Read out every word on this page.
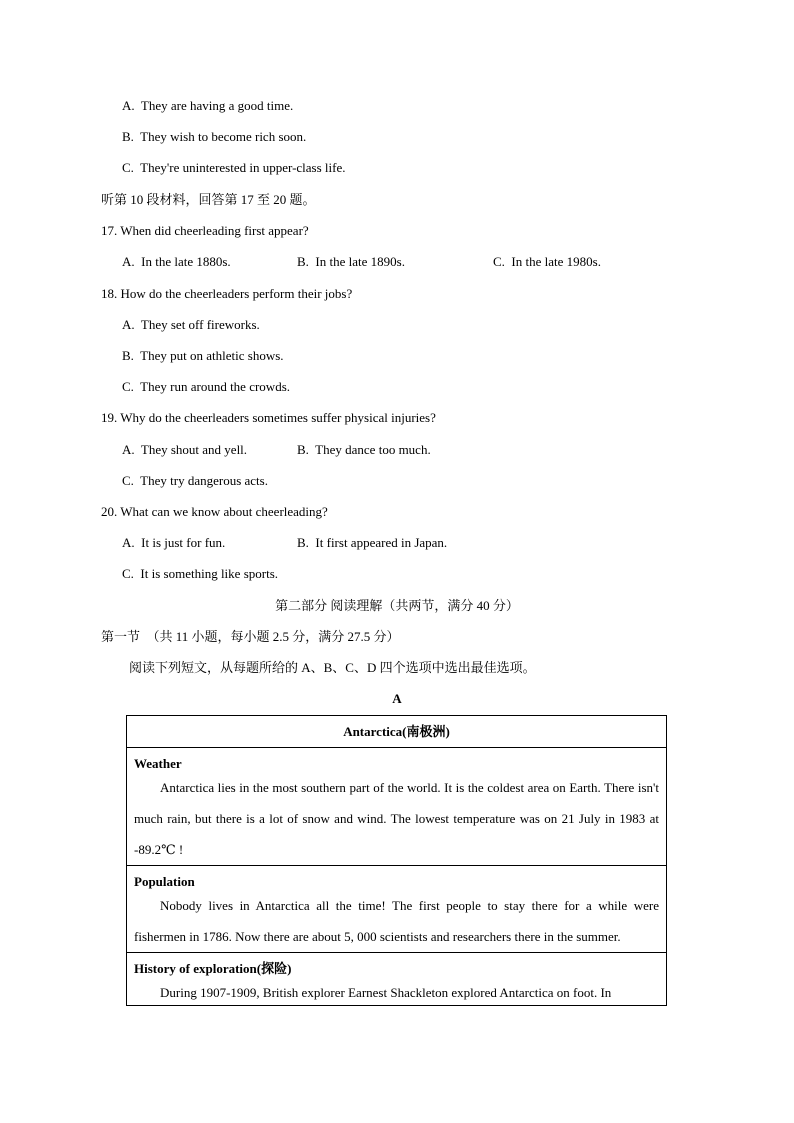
A.  They are having a good time.
B.  They wish to become rich soon.
C.  They're uninterested in upper-class life.
听第 10 段材料，回答第 17 至 20 题。
17. When did cheerleading first appear?
A.  In the late 1880s.	B.  In the late 1890s.	C.  In the late 1980s.
18. How do the cheerleaders perform their jobs?
A.  They set off fireworks.
B.  They put on athletic shows.
C.  They run around the crowds.
19. Why do the cheerleaders sometimes suffer physical injuries?
A.  They shout and yell.	B.  They dance too much.
C.  They try dangerous acts.
20. What can we know about cheerleading?
A.  It is just for fun.	B.  It first appeared in Japan.
C.  It is something like sports.
第二部分 阅读理解（共两节，满分 40 分）
第一节  （共 11 小题，每小题 2.5 分，满分 27.5 分）
阅读下列短文，从每题所给的 A、B、C、D 四个选项中选出最佳选项。
A
Antarctica(南极洲)

Weather
Antarctica lies in the most southern part of the world. It is the coldest area on Earth. There isn't much rain, but there is a lot of snow and wind. The lowest temperature was on 21 July in 1983 at -89.2℃ !

Population
Nobody lives in Antarctica all the time! The first people to stay there for a while were fishermen in 1786. Now there are about 5, 000 scientists and researchers there in the summer.

History of exploration(探险)
During 1907-1909, British explorer Earnest Shackleton explored Antarctica on foot. In
